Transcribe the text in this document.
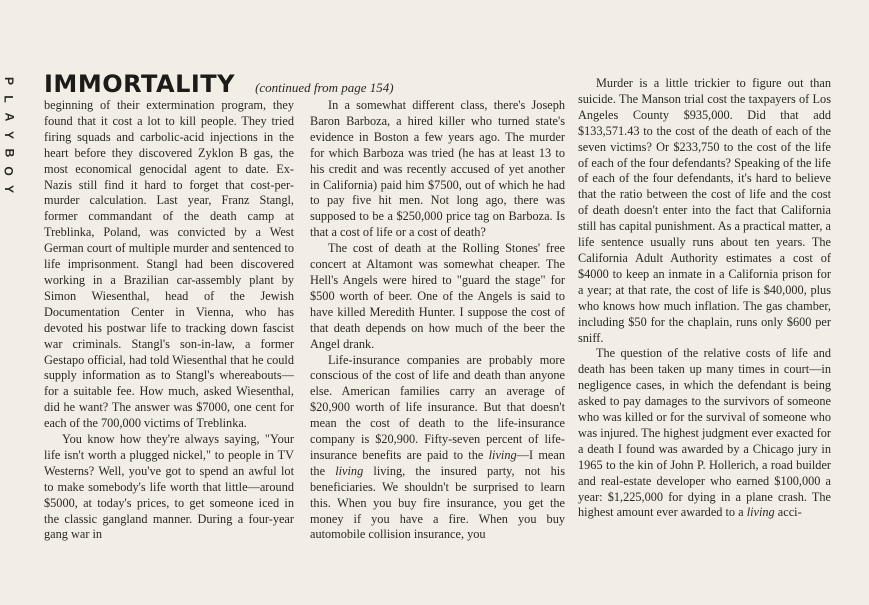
P
L
A
Y
B
O
Y
IMMORTALITY (continued from page 154)

beginning of their extermination program, they found that it cost a lot to kill people. They tried firing squads and carbolic-acid injections in the heart before they discovered Zyklon B gas, the most economical genocidal agent to date. Ex-Nazis still find it hard to forget that cost-per-murder calculation. Last year, Franz Stangl, former commandant of the death camp at Treblinka, Poland, was convicted by a West German court of multiple murder and sentenced to life imprisonment. Stangl had been discovered working in a Brazilian car-assembly plant by Simon Wiesenthal, head of the Jewish Documentation Center in Vienna, who has devoted his postwar life to tracking down fascist war criminals. Stangl's son-in-law, a former Gestapo official, had told Wiesenthal that he could supply information as to Stangl's whereabouts—for a suitable fee. How much, asked Wiesenthal, did he want? The answer was $7000, one cent for each of the 700,000 victims of Treblinka.

You know how they're always saying, "Your life isn't worth a plugged nickel," to people in TV Westerns? Well, you've got to spend an awful lot to make somebody's life worth that little—around $5000, at today's prices, to get someone iced in the classic gangland manner. During a four-year gang war in

In a somewhat different class, there's Joseph Baron Barboza, a hired killer who turned state's evidence in Boston a few years ago. The murder for which Barboza was tried (he has at least 13 to his credit and was recently accused of yet another in California) paid him $7500, out of which he had to pay five hit men. Not long ago, there was supposed to be a $250,000 price tag on Barboza. Is that a cost of life or a cost of death?

The cost of death at the Rolling Stones' free concert at Altamont was somewhat cheaper. The Hell's Angels were hired to "guard the stage" for $500 worth of beer. One of the Angels is said to have killed Meredith Hunter. I suppose the cost of that death depends on how much of the beer the Angel drank.

Life-insurance companies are probably more conscious of the cost of life and death than anyone else. American families carry an average of $20,900 worth of life insurance. But that doesn't mean the cost of death to the life-insurance company is $20,900. Fifty-seven percent of life-insurance benefits are paid to the living—I mean the living living, the insured party, not his beneficiaries. We shouldn't be surprised to learn this. When you buy fire insurance, you get the money if you have a fire. When you buy automobile collision insurance, you

Murder is a little trickier to figure out than suicide. The Manson trial cost the taxpayers of Los Angeles County $935,000. Did that add $133,571.43 to the cost of the death of each of the seven victims? Or $233,750 to the cost of the life of each of the four defendants? Speaking of the life of each of the four defendants, it's hard to believe that the ratio between the cost of life and the cost of death doesn't enter into the fact that California still has capital punishment. As a practical matter, a life sentence usually runs about ten years. The California Adult Authority estimates a cost of $4000 to keep an inmate in a California prison for a year; at that rate, the cost of life is $40,000, plus who knows how much inflation. The gas chamber, including $50 for the chaplain, runs only $600 per sniff.

The question of the relative costs of life and death has been taken up many times in court—in negligence cases, in which the defendant is being asked to pay damages to the survivors of someone who was killed or for the survival of someone who was injured. The highest judgment ever exacted for a death I found was awarded by a Chicago jury in 1965 to the kin of John P. Hollerich, a road builder and real-estate developer who earned $100,000 a year: $1,225,000 for dying in a plane crash. The highest amount ever awarded to a living acci-
